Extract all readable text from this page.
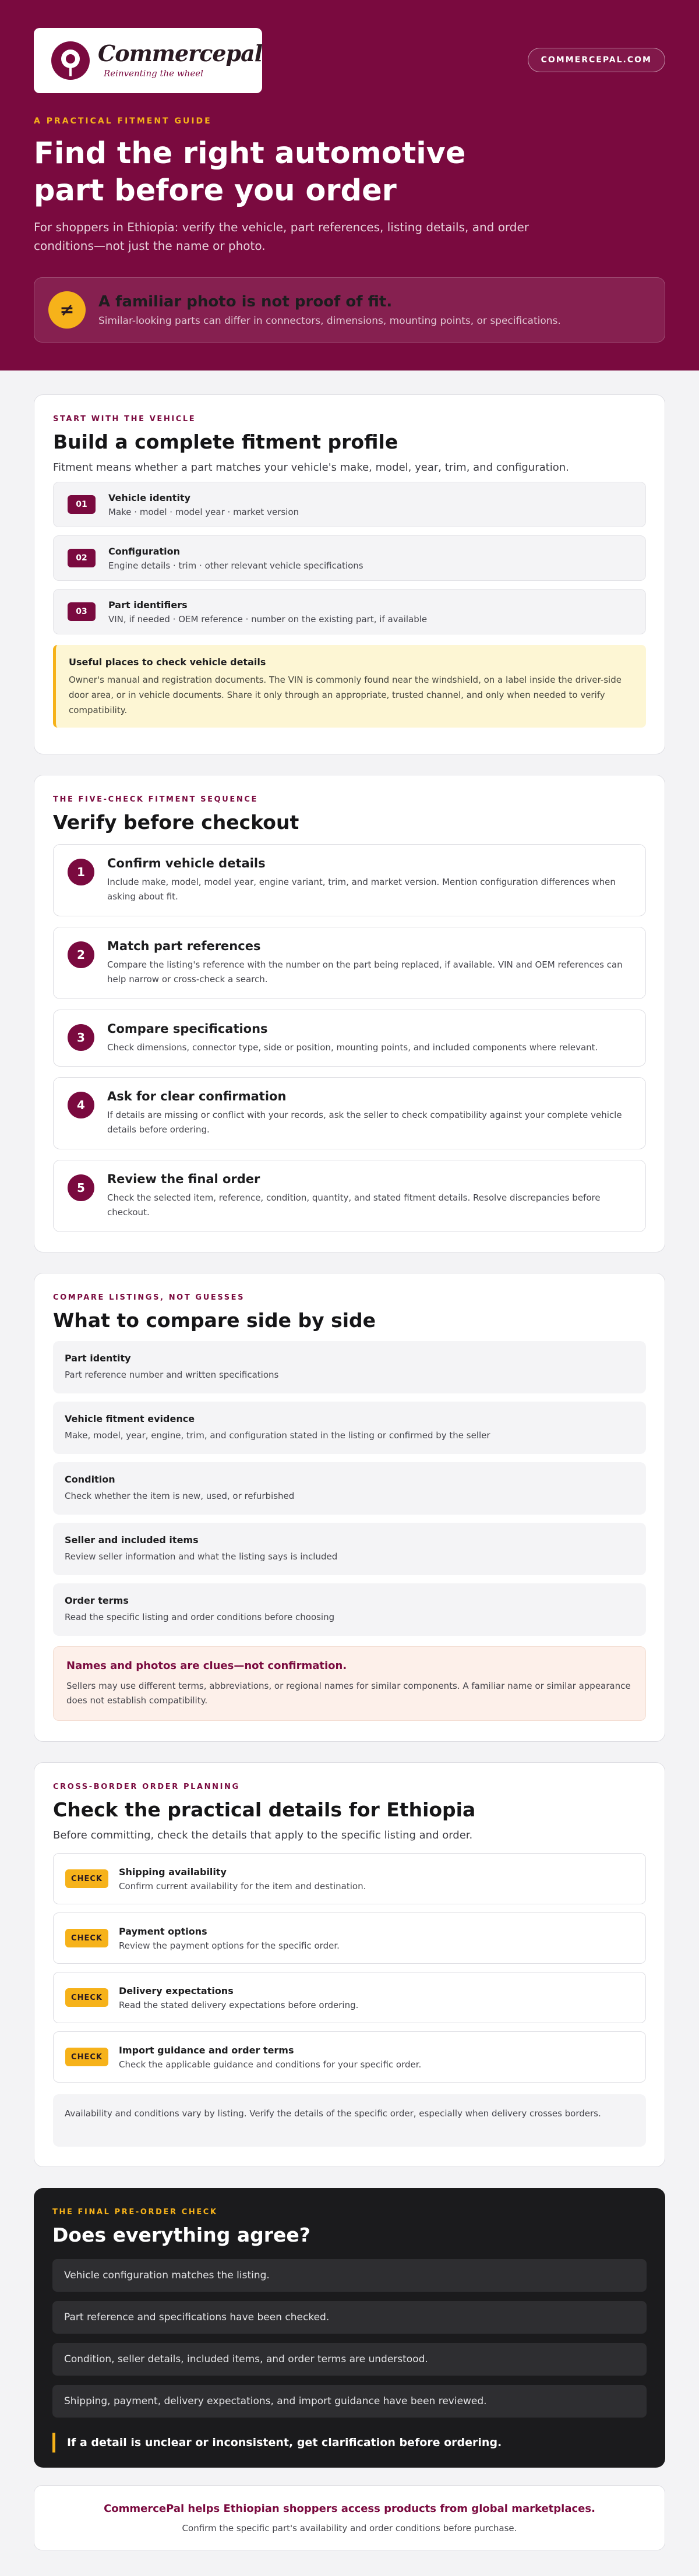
Commercepal
Reinventing the wheel
COMMERCEPAL.COM
A PRACTICAL FITMENT GUIDE
Find the right automotive part before you order

For shoppers in Ethiopia: verify the vehicle, part references, listing details, and order conditions—not just the name or photo.

≠	A familiar photo is not proof of fit.
Similar-looking parts can differ in connectors, dimensions, mounting points, or specifications.
START WITH THE VEHICLE
Build a complete fitment profile

Fitment means whether a part matches your vehicle's make, model, year, trim, and configuration.

01
Vehicle identity
Make · model · model year · market version
02
Configuration
Engine details · trim · other relevant vehicle specifications
03
Part identifiers
VIN, if needed · OEM reference · number on the existing part, if available
Useful places to check vehicle details
Owner's manual and registration documents. The VIN is commonly found near the windshield, on a label inside the driver-side door area, or in vehicle documents. Share it only through an appropriate, trusted channel, and only when needed to verify compatibility.
THE FIVE-CHECK FITMENT SEQUENCE
Verify before checkout
1
Confirm vehicle details
Include make, model, model year, engine variant, trim, and market version. Mention configuration differences when asking about fit.
2
Match part references
Compare the listing's reference with the number on the part being replaced, if available. VIN and OEM references can help narrow or cross-check a search.
3
Compare specifications
Check dimensions, connector type, side or position, mounting points, and included components where relevant.
4
Ask for clear confirmation
If details are missing or conflict with your records, ask the seller to check compatibility against your complete vehicle details before ordering.
5
Review the final order
Check the selected item, reference, condition, quantity, and stated fitment details. Resolve discrepancies before checkout.
COMPARE LISTINGS, NOT GUESSES
What to compare side by side
Part identity
Part reference number and written specifications
Vehicle fitment evidence
Make, model, year, engine, trim, and configuration stated in the listing or confirmed by the seller
Condition
Check whether the item is new, used, or refurbished
Seller and included items
Review seller information and what the listing says is included
Order terms
Read the specific listing and order conditions before choosing
Names and photos are clues—not confirmation.
Sellers may use different terms, abbreviations, or regional names for similar components. A familiar name or similar appearance does not establish compatibility.
CROSS-BORDER ORDER PLANNING
Check the practical details for Ethiopia

Before committing, check the details that apply to the specific listing and order.

CHECK
Shipping availability
Confirm current availability for the item and destination.
CHECK
Payment options
Review the payment options for the specific order.
CHECK
Delivery expectations
Read the stated delivery expectations before ordering.
CHECK
Import guidance and order terms
Check the applicable guidance and conditions for your specific order.
Availability and conditions vary by listing. Verify the details of the specific order, especially when delivery crosses borders.
THE FINAL PRE-ORDER CHECK
Does everything agree?
Vehicle configuration matches the listing.
Part reference and specifications have been checked.
Condition, seller details, included items, and order terms are understood.
Shipping, payment, delivery expectations, and import guidance have been reviewed.
If a detail is unclear or inconsistent, get clarification before ordering.
CommercePal helps Ethiopian shoppers access products from global marketplaces.
Confirm the specific part's availability and order conditions before purchase.
